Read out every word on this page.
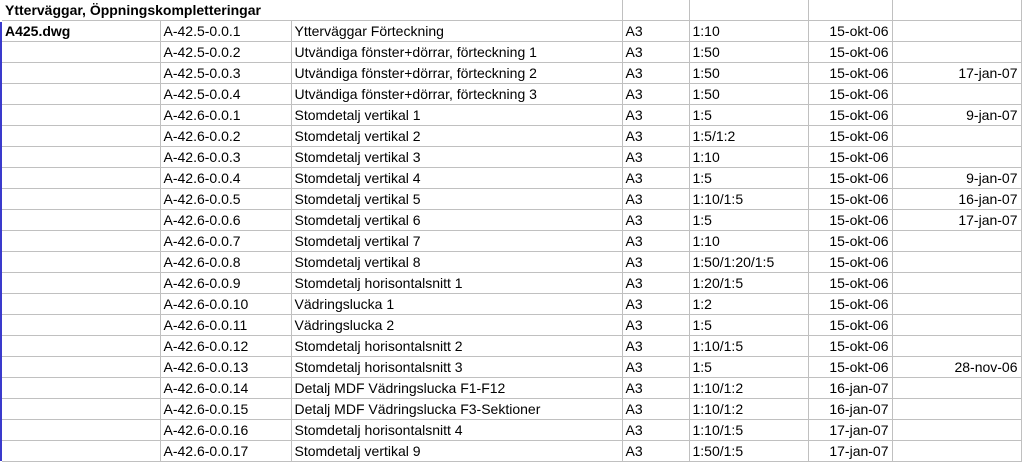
Ytterväggar, Öppningskompletteringar						
A425.dwg	A-42.5-0.0.1	Ytterväggar Förteckning	A3	1:10	15-okt-06	
	A-42.5-0.0.2	Utvändiga fönster+dörrar, förteckning 1	A3	1:50	15-okt-06	
	A-42.5-0.0.3	Utvändiga fönster+dörrar, förteckning 2	A3	1:50	15-okt-06	17-jan-07
	A-42.5-0.0.4	Utvändiga fönster+dörrar, förteckning 3	A3	1:50	15-okt-06	
	A-42.6-0.0.1	Stomdetalj vertikal 1	A3	1:5	15-okt-06	9-jan-07
	A-42.6-0.0.2	Stomdetalj vertikal 2	A3	1:5/1:2	15-okt-06	
	A-42.6-0.0.3	Stomdetalj vertikal 3	A3	1:10	15-okt-06	
	A-42.6-0.0.4	Stomdetalj vertikal 4	A3	1:5	15-okt-06	9-jan-07
	A-42.6-0.0.5	Stomdetalj vertikal 5	A3	1:10/1:5	15-okt-06	16-jan-07
	A-42.6-0.0.6	Stomdetalj vertikal 6	A3	1:5	15-okt-06	17-jan-07
	A-42.6-0.0.7	Stomdetalj vertikal 7	A3	1:10	15-okt-06	
	A-42.6-0.0.8	Stomdetalj vertikal 8	A3	1:50/1:20/1:5	15-okt-06	
	A-42.6-0.0.9	Stomdetalj horisontalsnitt 1	A3	1:20/1:5	15-okt-06	
	A-42.6-0.0.10	Vädringslucka 1	A3	1:2	15-okt-06	
	A-42.6-0.0.11	Vädringslucka 2	A3	1:5	15-okt-06	
	A-42.6-0.0.12	Stomdetalj horisontalsnitt 2	A3	1:10/1:5	15-okt-06	
	A-42.6-0.0.13	Stomdetalj horisontalsnitt 3	A3	1:5	15-okt-06	28-nov-06
	A-42.6-0.0.14	Detalj MDF Vädringslucka F1-F12	A3	1:10/1:2	16-jan-07	
	A-42.6-0.0.15	Detalj MDF Vädringslucka F3-Sektioner	A3	1:10/1:2	16-jan-07	
	A-42.6-0.0.16	Stomdetalj horisontalsnitt 4	A3	1:10/1:5	17-jan-07	
	A-42.6-0.0.17	Stomdetalj vertikal 9	A3	1:50/1:5	17-jan-07	
